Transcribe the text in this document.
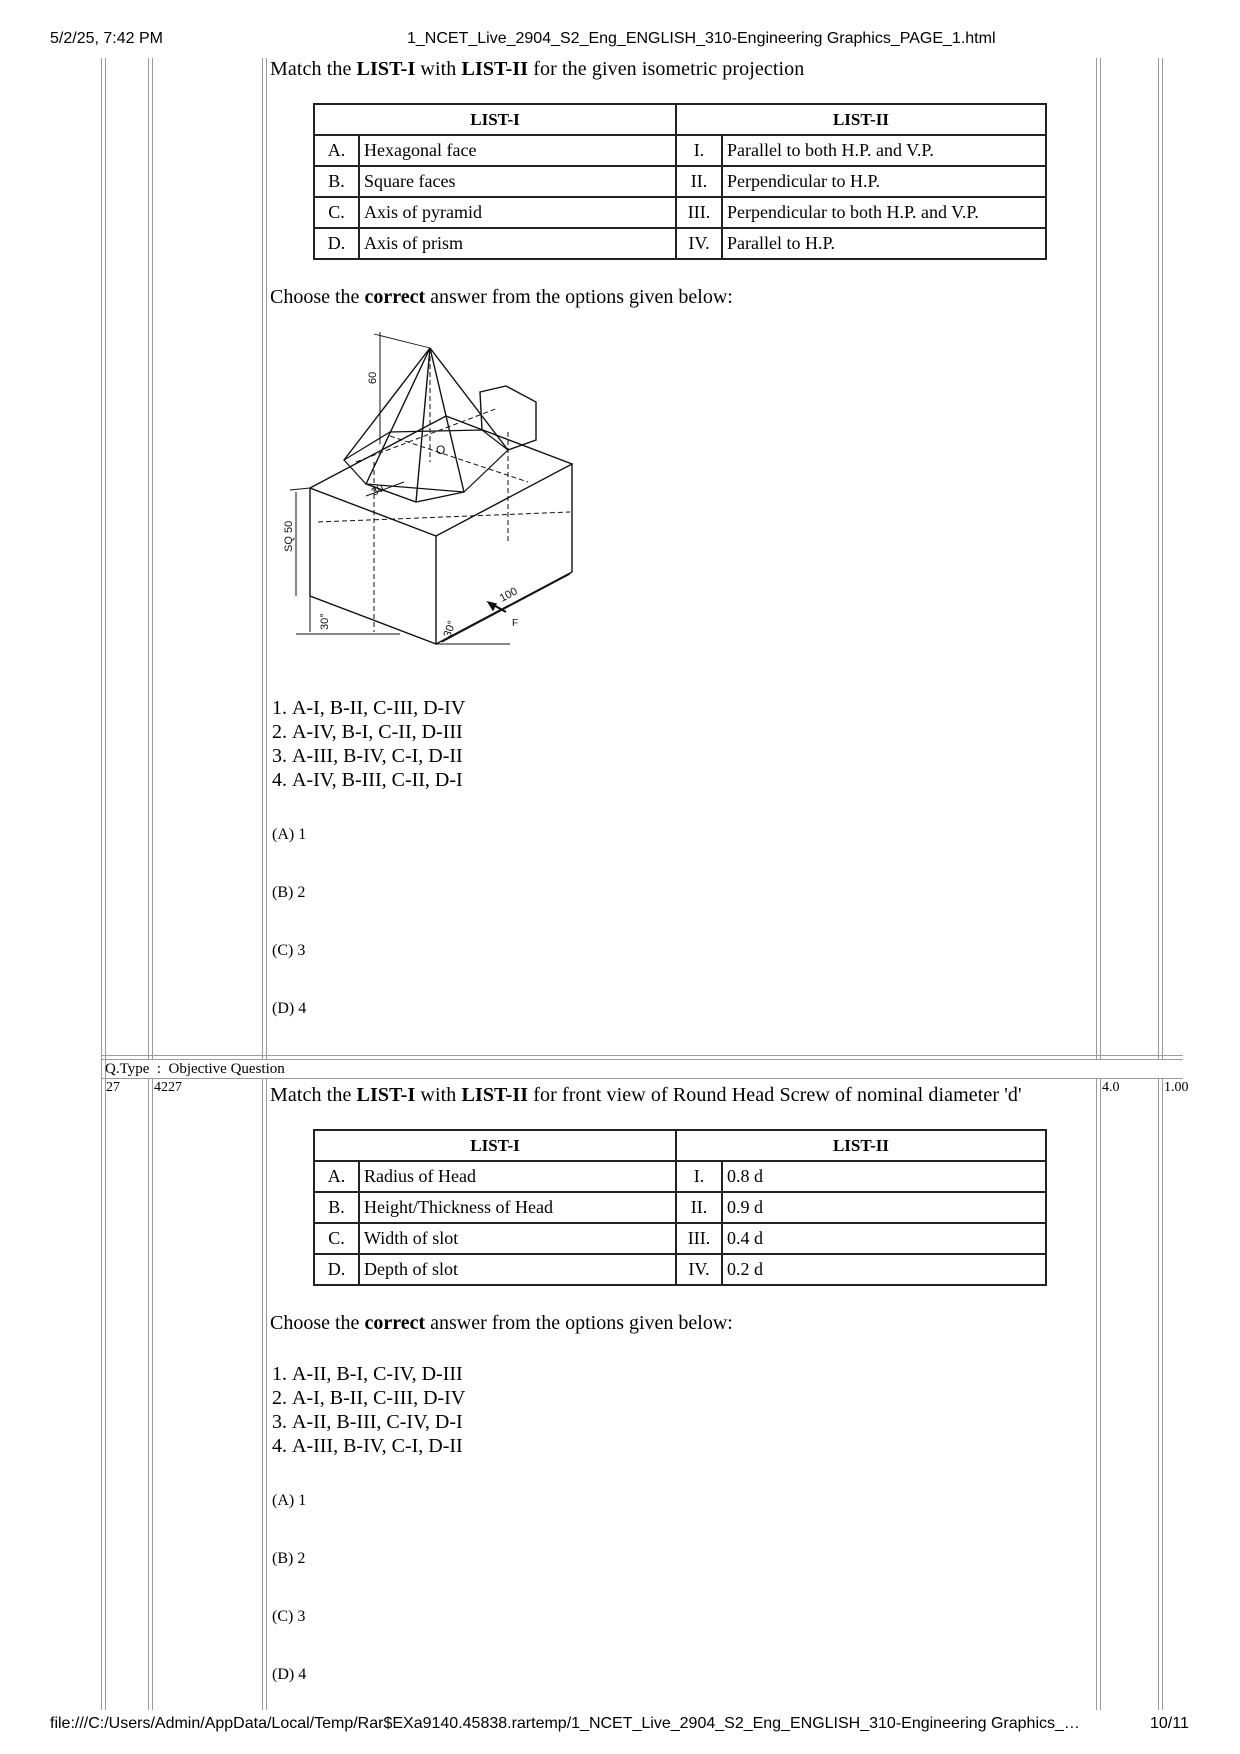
5/2/25, 7:42 PM	1_NCET_Live_2904_S2_Eng_ENGLISH_310-Engineering Graphics_PAGE_1.html
Match the LIST-I with LIST-II for the given isometric projection
LIST-I		LIST-II	
A.	Hexagonal face	I.	Parallel to both H.P. and V.P.
B.	Square faces	II.	Perpendicular to H.P.
C.	Axis of pyramid	III.	Perpendicular to both H.P. and V.P.
D.	Axis of prism	IV.	Parallel to H.P.
Choose the correct answer from the options given below:
60
30
SQ 50
100
30°	30°
O
F
1. A-I, B-II, C-III, D-IV
2. A-IV, B-I, C-II, D-III
3. A-III, B-IV, C-I, D-II
4. A-IV, B-III, C-II, D-I
(A) 1
(B) 2
(C) 3
(D) 4
Q.Type  :  Objective Question
27 4227	4.0	1.00
Match the LIST-I with LIST-II for front view of Round Head Screw of nominal diameter 'd'
LIST-I		LIST-II	
A.	Radius of Head	I.	0.8 d
B.	Height/Thickness of Head	II.	0.9 d
C.	Width of slot	III.	0.4 d
D.	Depth of slot	IV.	0.2 d
Choose the correct answer from the options given below:
1. A-II, B-I, C-IV, D-III
2. A-I, B-II, C-III, D-IV
3. A-II, B-III, C-IV, D-I
4. A-III, B-IV, C-I, D-II
(A) 1
(B) 2
(C) 3
(D) 4
file:///C:/Users/Admin/AppData/Local/Temp/Rar$EXa9140.45838.rartemp/1_NCET_Live_2904_S2_Eng_ENGLISH_310-Engineering Graphics_…	10/11
